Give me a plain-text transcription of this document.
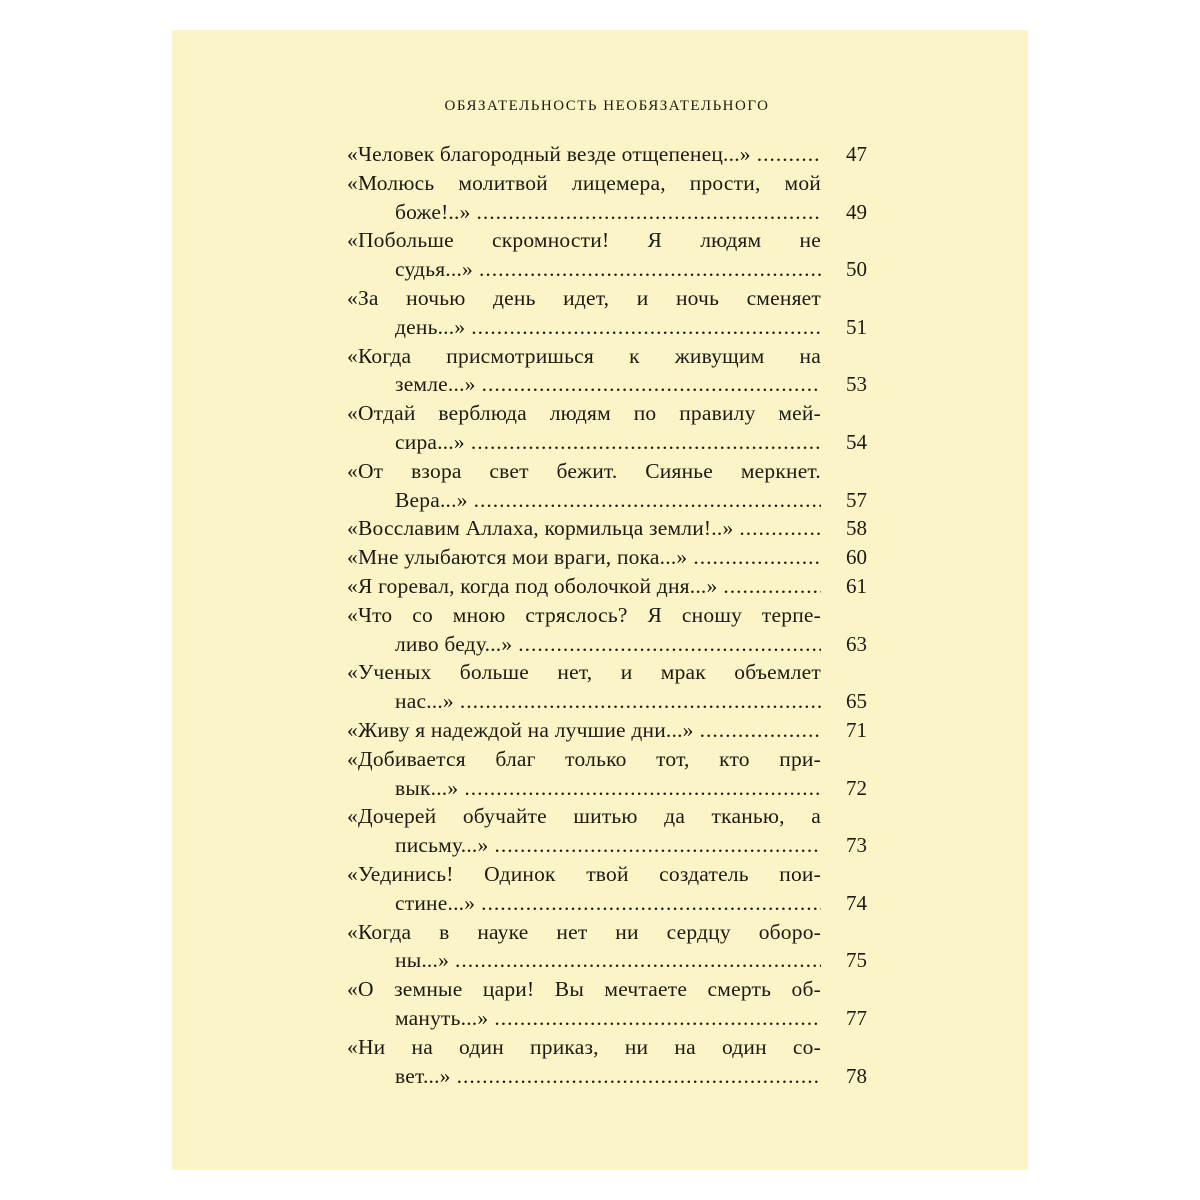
ОБЯЗАТЕЛЬНОСТЬ НЕОБЯЗАТЕЛЬНОГО
«Человек благородный везде отщепенец...» .....	47
«Молюсь молитвой лицемера, прости, мой
боже!..» .....	49
«Побольше скромности! Я людям не
судья...» .....	50
«За ночью день идет, и ночь сменяет
день...» .....	51
«Когда присмотришься к живущим на
земле...» .....	53
«Отдай верблюда людям по правилу мей-
сира...» .....	54
«От взора свет бежит. Сиянье меркнет.
Вера...» .....	57
«Восславим Аллаха, кормильца земли!..» .....	58
«Мне улыбаются мои враги, пока...» .....	60
«Я горевал, когда под оболочкой дня...» .....	61
«Что со мною стряслось? Я сношу терпе-
ливо беду...» .....	63
«Ученых больше нет, и мрак объемлет
нас...» .....	65
«Живу я надеждой на лучшие дни...» .....	71
«Добивается благ только тот, кто при-
вык...» .....	72
«Дочерей обучайте шитью да тканью, а
письму...» .....	73
«Уединись! Одинок твой создатель пои-
стине...» .....	74
«Когда в науке нет ни сердцу оборо-
ны...» .....	75
«О земные цари! Вы мечтаете смерть об-
мануть...» .....	77
«Ни на один приказ, ни на один со-
вет...» .....	78
